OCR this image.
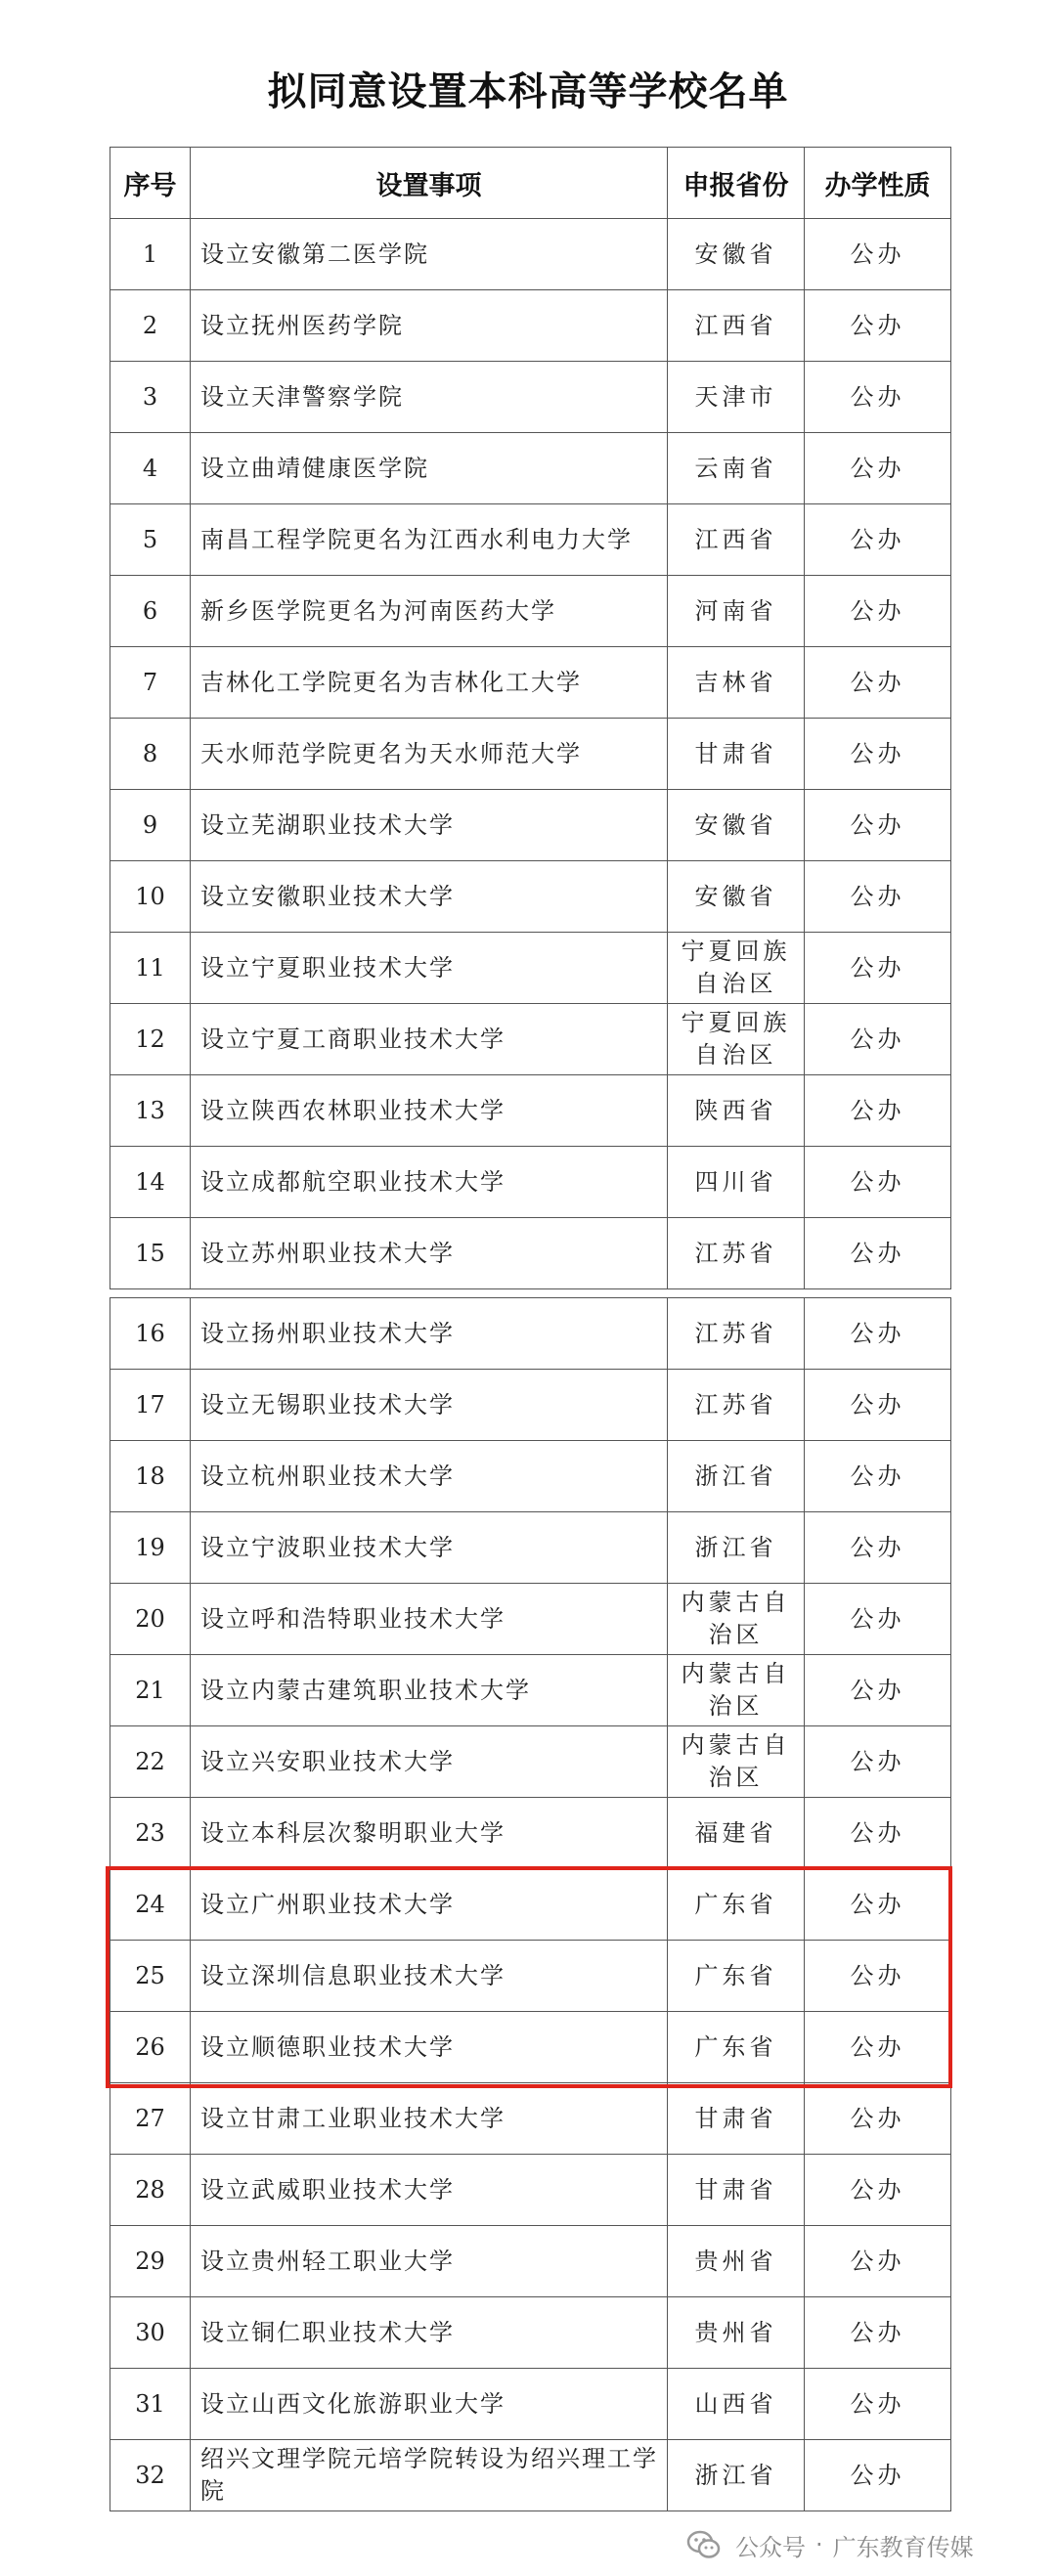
拟同意设置本科高等学校名单
序号	设置事项	申报省份	办学性质
1	设立安徽第二医学院	安徽省	公办
2	设立抚州医药学院	江西省	公办
3	设立天津警察学院	天津市	公办
4	设立曲靖健康医学院	云南省	公办
5	南昌工程学院更名为江西水利电力大学	江西省	公办
6	新乡医学院更名为河南医药大学	河南省	公办
7	吉林化工学院更名为吉林化工大学	吉林省	公办
8	天水师范学院更名为天水师范大学	甘肃省	公办
9	设立芜湖职业技术大学	安徽省	公办
10	设立安徽职业技术大学	安徽省	公办
11	设立宁夏职业技术大学	宁夏回族自治区	公办
12	设立宁夏工商职业技术大学	宁夏回族自治区	公办
13	设立陕西农林职业技术大学	陕西省	公办
14	设立成都航空职业技术大学	四川省	公办
15	设立苏州职业技术大学	江苏省	公办
16	设立扬州职业技术大学	江苏省	公办
17	设立无锡职业技术大学	江苏省	公办
18	设立杭州职业技术大学	浙江省	公办
19	设立宁波职业技术大学	浙江省	公办
20	设立呼和浩特职业技术大学	内蒙古自治区	公办
21	设立内蒙古建筑职业技术大学	内蒙古自治区	公办
22	设立兴安职业技术大学	内蒙古自治区	公办
23	设立本科层次黎明职业大学	福建省	公办
24	设立广州职业技术大学	广东省	公办
25	设立深圳信息职业技术大学	广东省	公办
26	设立顺德职业技术大学	广东省	公办
27	设立甘肃工业职业技术大学	甘肃省	公办
28	设立武威职业技术大学	甘肃省	公办
29	设立贵州轻工职业大学	贵州省	公办
30	设立铜仁职业技术大学	贵州省	公办
31	设立山西文化旅游职业大学	山西省	公办
32	绍兴文理学院元培学院转设为绍兴理工学院	浙江省	公办
公众号 · 广东教育传媒
